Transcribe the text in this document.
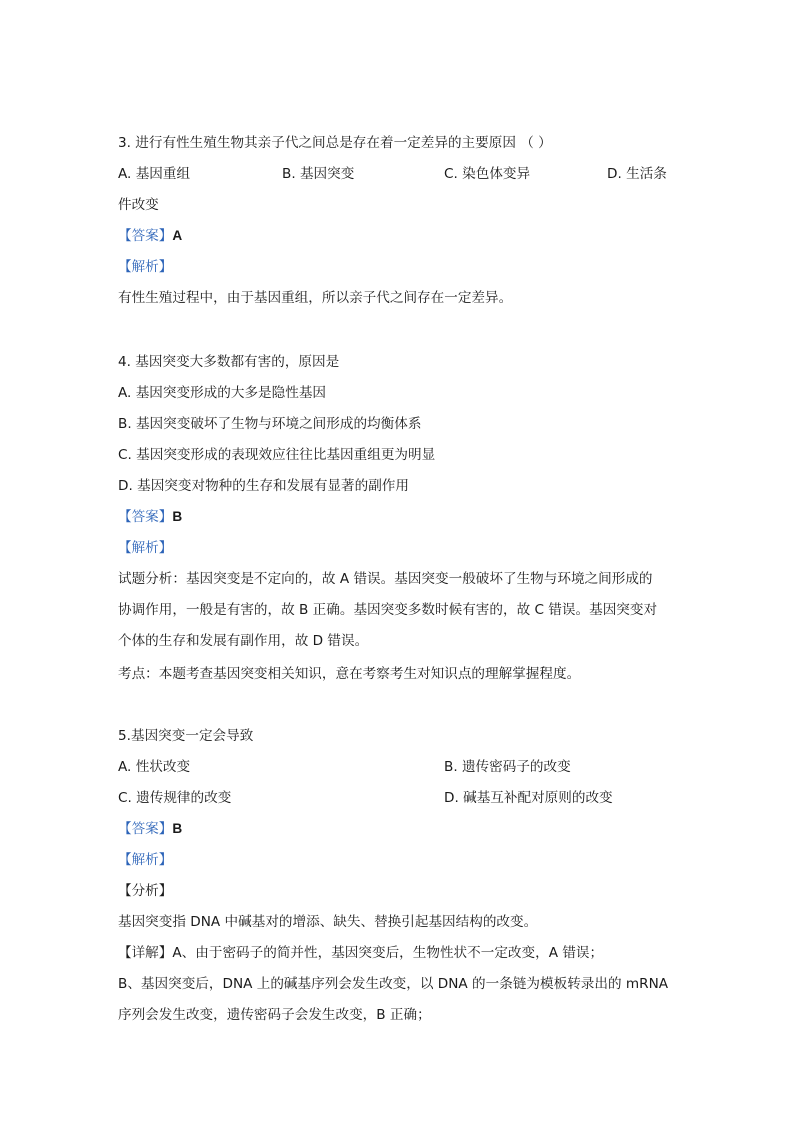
3. 进行有性生殖生物其亲子代之间总是存在着一定差异的主要原因 （ ）
A. 基因重组	B. 基因突变	C. 染色体变异	D. 生活条
件改变
【答案】A
【解析】
有性生殖过程中，由于基因重组，所以亲子代之间存在一定差异。
4. 基因突变大多数都有害的，原因是
A. 基因突变形成的大多是隐性基因
B. 基因突变破坏了生物与环境之间形成的均衡体系
C. 基因突变形成的表现效应往往比基因重组更为明显
D. 基因突变对物种的生存和发展有显著的副作用
【答案】B
【解析】
试题分析：基因突变是不定向的，故 A 错误。基因突变一般破坏了生物与环境之间形成的
协调作用，一般是有害的，故 B 正确。基因突变多数时候有害的，故 C 错误。基因突变对
个体的生存和发展有副作用，故 D 错误。
考点：本题考查基因突变相关知识，意在考察考生对知识点的理解掌握程度。
5.基因突变一定会导致
A. 性状改变	B. 遗传密码子的改变
C. 遗传规律的改变	D. 碱基互补配对原则的改变
【答案】B
【解析】
【分析】
基因突变指 DNA 中碱基对的增添、缺失、替换引起基因结构的改变。
【详解】A、由于密码子的简并性，基因突变后，生物性状不一定改变，A 错误；
B、基因突变后，DNA 上的碱基序列会发生改变，以 DNA 的一条链为模板转录出的 mRNA
序列会发生改变，遗传密码子会发生改变，B 正确；
